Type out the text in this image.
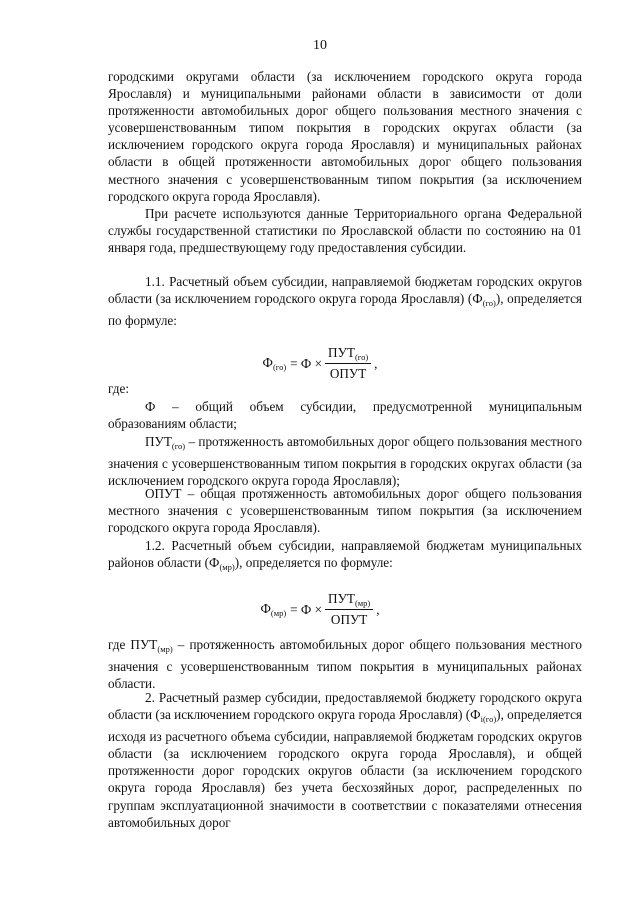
10

городскими округами области (за исключением городского округа города Ярославля) и муниципальными районами области в зависимости от доли протяженности автомобильных дорог общего пользования местного значения с усовершенствованным типом покрытия в городских округах области (за исключением городского округа города Ярославля) и муниципальных районах области в общей протяженности автомобильных дорог общего пользования местного значения с усовершенствованным типом покрытия (за исключением городского округа города Ярославля).

При расчете используются данные Территориального органа Федеральной службы государственной статистики по Ярославской области по состоянию на 01 января года, предшествующему году предоставления субсидии.

1.1. Расчетный объем субсидии, направляемой бюджетам городских округов области (за исключением городского округа города Ярославля) $(Ф_{(го)})$, определяется по формуле:

$Ф_{(го)} = Ф \times \frac{ПУТ_{(го)}}{\text{ОПУТ}}$ ,

где:

Ф – общий объем субсидии, предусмотренной муниципальным образованиям области;

$ПУТ_{(го)}$ – протяженность автомобильных дорог общего пользования местного значения с усовершенствованным типом покрытия в городских округах области (за исключением городского округа города Ярославля);

ОПУТ – общая протяженность автомобильных дорог общего пользования местного значения с усовершенствованным типом покрытия (за исключением городского округа города Ярославля).

1.2. Расчетный объем субсидии, направляемой бюджетам муниципальных районов области $(Ф_{(мр)})$, определяется по формуле:

$Ф_{(мр)} = Ф \times \frac{ПУТ_{(мр)}}{\text{ОПУТ}}$ ,

где $ПУТ_{(мр)}$ – протяженность автомобильных дорог общего пользования местного значения с усовершенствованным типом покрытия в муниципальных районах области.

2. Расчетный размер субсидии, предоставляемой бюджету городского округа области (за исключением городского округа города Ярославля) $(Ф_{i(го)})$, определяется исходя из расчетного объема субсидии, направляемой бюджетам городских округов области (за исключением городского округа города Ярославля), и общей протяженности дорог городских округов области (за исключением городского округа города Ярославля) без учета бесхозяйных дорог, распределенных по группам эксплуатационной значимости в соответствии с показателями отнесения автомобильных дорог
